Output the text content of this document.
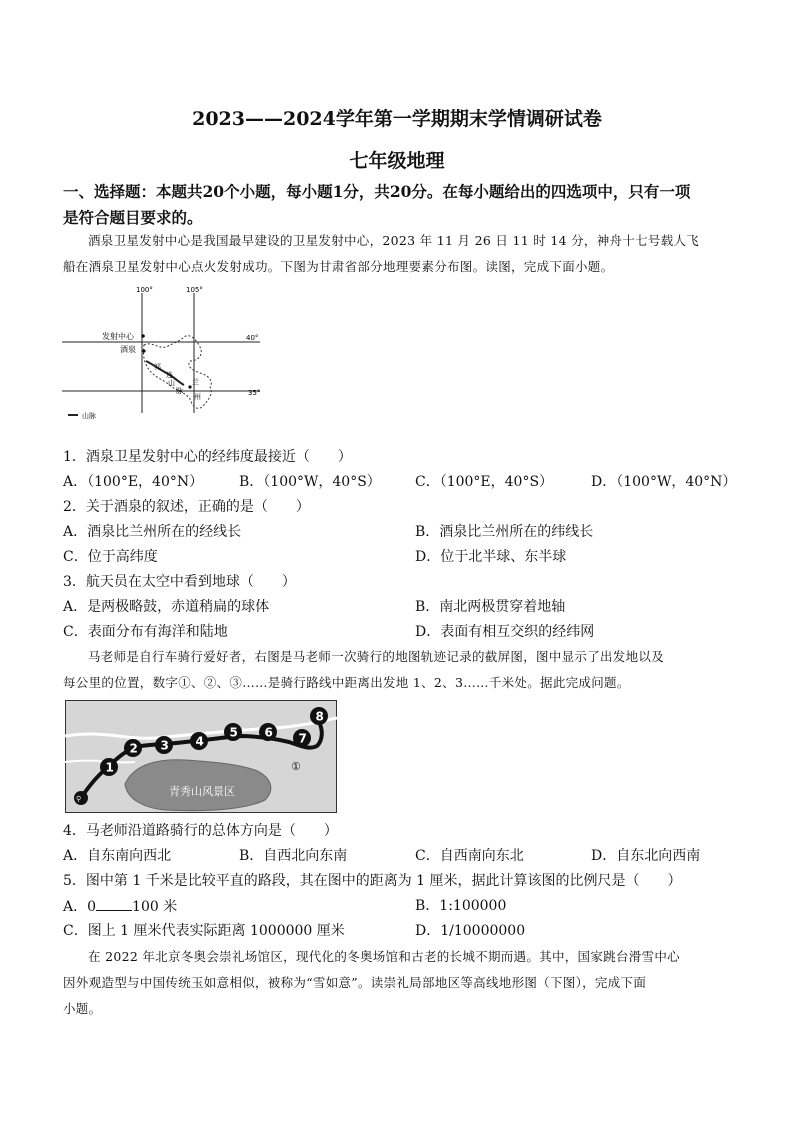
2023——2024学年第一学期期末学情调研试卷
七年级地理
一、选择题：本题共20个小题，每小题1分，共20分。在每小题给出的四选项中，只有一项
是符合题目要求的。
酒泉卫星发射中心是我国最早建设的卫星发射中心，2023 年 11 月 26 日 11 时 14 分，神舟十七号载人飞
船在酒泉卫星发射中心点火发射成功。下图为甘肃省部分地理要素分布图。读图，完成下面小题。
100°	105°
40°
35°
发射中心
酒泉
祁
连
山
脉
兰
州
山脉
1．酒泉卫星发射中心的经纬度最接近（　　）
A．（100°E，40°N）	B．（100°W，40°S） C．（100°E，40°S）	D．（100°W，40°N）
2．关于酒泉的叙述，正确的是（　　）
A．酒泉比兰州所在的经线长	B．酒泉比兰州所在的纬线长
C．位于高纬度	D．位于北半球、东半球
3．航天员在太空中看到地球（　　）
A．是两极略鼓，赤道稍扁的球体	B．南北两极贯穿着地轴
C．表面分布有海洋和陆地	D．表面有相互交织的经纬网
马老师是自行车骑行爱好者，右图是马老师一次骑行的地图轨迹记录的截屏图，图中显示了出发地以及
每公里的位置，数字①、②、③……是骑行路线中距离出发地 1、2、3……千米处。据此完成问题。
青秀山风景区
⚲
1
2 3 4
5 6 7
8
①
4．马老师沿道路骑行的总体方向是（　　）
A．自东南向西北	B．自西北向东南	C．自西南向东北	D．自东北向西南
5．图中第 1 千米是比较平直的路段，其在图中的距离为 1 厘米，据此计算该图的比例尺是（　　）
A．0	100 米	B．1:100000
C．图上 1 厘米代表实际距离 1000000 厘米	D．1/10000000
在 2022 年北京冬奥会崇礼场馆区，现代化的冬奥场馆和古老的长城不期而遇。其中，国家跳台滑雪中心
因外观造型与中国传统玉如意相似，被称为“雪如意”。读崇礼局部地区等高线地形图（下图），完成下面
小题。
